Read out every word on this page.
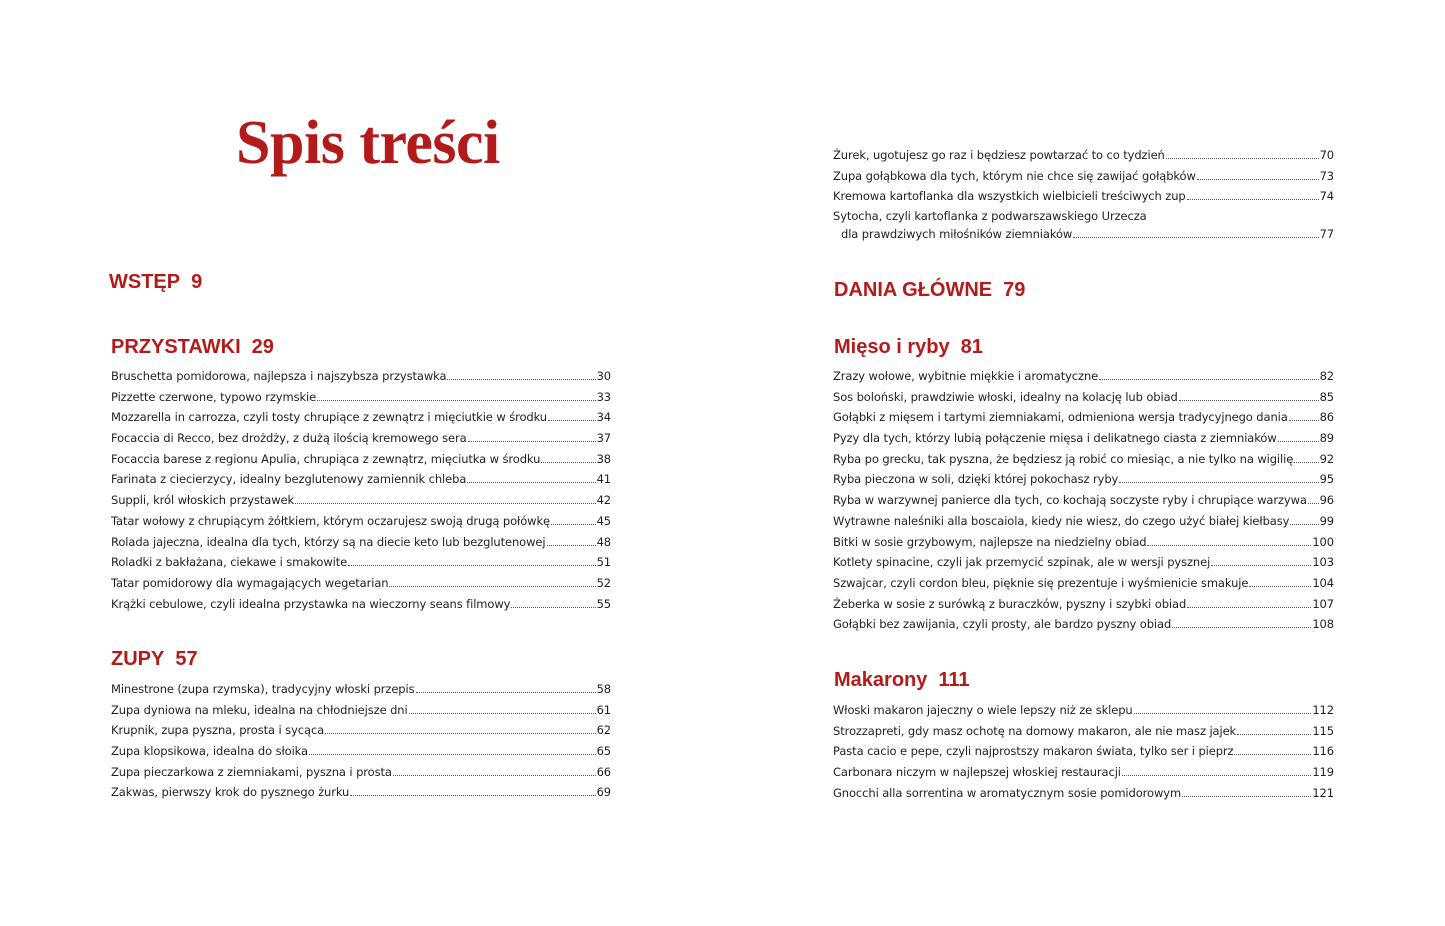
Spis treści
WSTĘP 9
PRZYSTAWKI 29
Bruschetta pomidorowa, najlepsza i najszybsza przystawka	30
Pizzette czerwone, typowo rzymskie	33
Mozzarella in carrozza, czyli tosty chrupiące z zewnątrz i mięciutkie w środku	34
Focaccia di Recco, bez drożdży, z dużą ilością kremowego sera	37
Focaccia barese z regionu Apulia, chrupiąca z zewnątrz, mięciutka w środku	38
Farinata z ciecierzycy, idealny bezglutenowy zamiennik chleba	41
Suppli, król włoskich przystawek	42
Tatar wołowy z chrupiącym żółtkiem, którym oczarujesz swoją drugą połówkę	45
Rolada jajeczna, idealna dla tych, którzy są na diecie keto lub bezglutenowej	48
Roladki z bakłażana, ciekawe i smakowite	51
Tatar pomidorowy dla wymagających wegetarian	52
Krążki cebulowe, czyli idealna przystawka na wieczorny seans filmowy	55
ZUPY 57
Minestrone (zupa rzymska), tradycyjny włoski przepis	58
Zupa dyniowa na mleku, idealna na chłodniejsze dni	61
Krupnik, zupa pyszna, prosta i sycąca	62
Zupa klopsikowa, idealna do słoika	65
Zupa pieczarkowa z ziemniakami, pyszna i prosta	66
Zakwas, pierwszy krok do pysznego żurku	69
Żurek, ugotujesz go raz i będziesz powtarzać to co tydzień	70
Zupa gołąbkowa dla tych, którym nie chce się zawijać gołąbków	73
Kremowa kartoflanka dla wszystkich wielbicieli treściwych zup	74
Sytocha, czyli kartoflanka z podwarszawskiego Urzecza
dla prawdziwych miłośników ziemniaków	77
DANIA GŁÓWNE 79
Mięso i ryby 81
Zrazy wołowe, wybitnie miękkie i aromatyczne	82
Sos boloński, prawdziwie włoski, idealny na kolację lub obiad	85
Gołąbki z mięsem i tartymi ziemniakami, odmieniona wersja tradycyjnego dania	86
Pyzy dla tych, którzy lubią połączenie mięsa i delikatnego ciasta z ziemniaków	89
Ryba po grecku, tak pyszna, że będziesz ją robić co miesiąc, a nie tylko na wigilię 92
Ryba pieczona w soli, dzięki której pokochasz ryby	95
Ryba w warzywnej panierce dla tych, co kochają soczyste ryby i chrupiące warzywa 96
Wytrawne naleśniki alla boscaiola, kiedy nie wiesz, do czego użyć białej kiełbasy	99
Bitki w sosie grzybowym, najlepsze na niedzielny obiad	100
Kotlety spinacine, czyli jak przemycić szpinak, ale w wersji pysznej	103
Szwajcar, czyli cordon bleu, pięknie się prezentuje i wyśmienicie smakuje	104
Żeberka w sosie z surówką z buraczków, pyszny i szybki obiad	107
Gołąbki bez zawijania, czyli prosty, ale bardzo pyszny obiad	108
Makarony 111
Włoski makaron jajeczny o wiele lepszy niż ze sklepu	112
Strozzapreti, gdy masz ochotę na domowy makaron, ale nie masz jajek	115
Pasta cacio e pepe, czyli najprostszy makaron świata, tylko ser i pieprz	116
Carbonara niczym w najlepszej włoskiej restauracji	119
Gnocchi alla sorrentina w aromatycznym sosie pomidorowym	121
